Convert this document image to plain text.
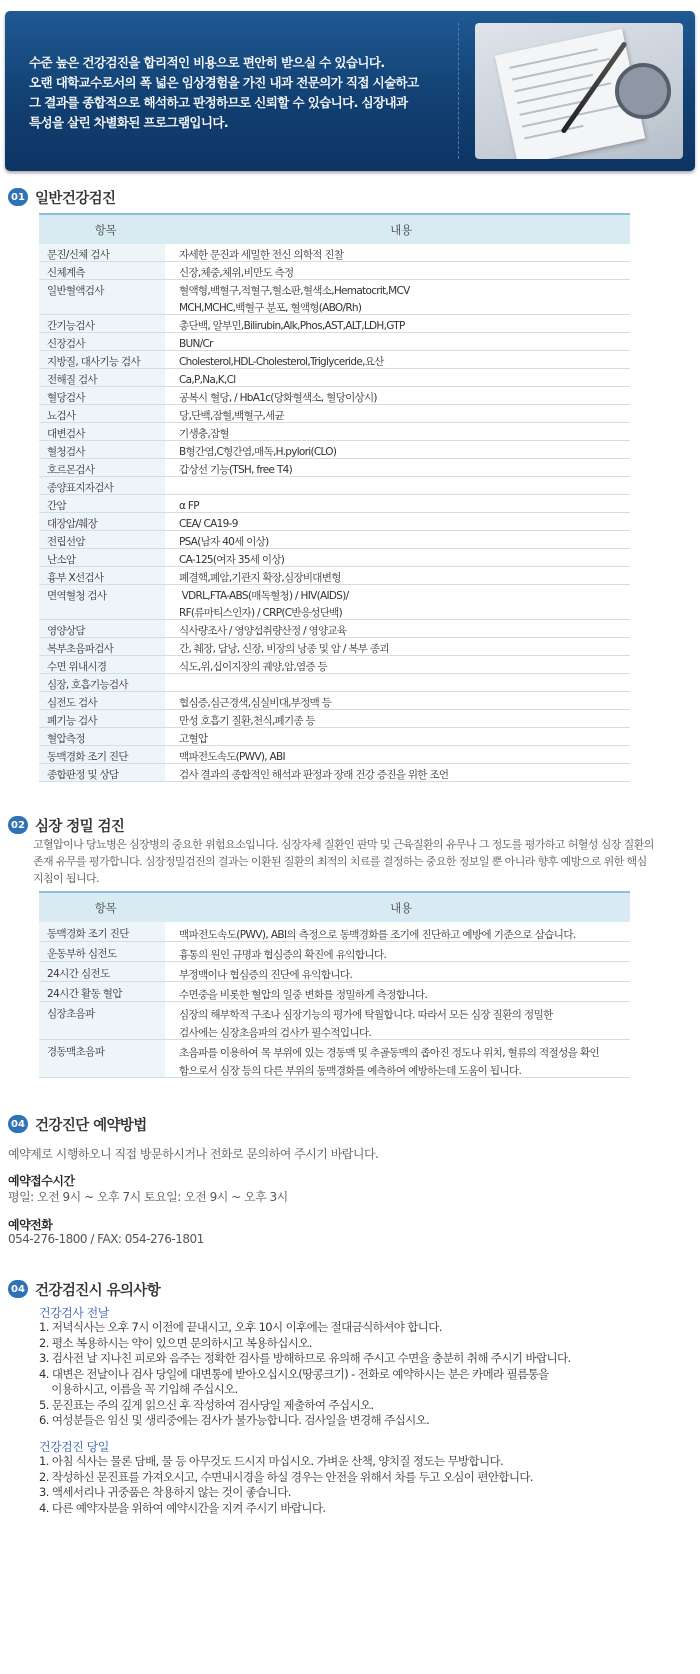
수준 높은 건강검진을 합리적인 비용으로 편안히 받으실 수 있습니다.
오랜 대학교수로서의 폭 넓은 임상경험을 가진 내과 전문의가 직접 시술하고
그 결과를 종합적으로 해석하고 판정하므로 신뢰할 수 있습니다. 심장내과
특성을 살린 차별화된 프로그램입니다.
01 일반건강검진
항목	내용
문진/신체 검사	자세한 문진과 세밀한 전신 의학적 진찰
신체계측	신장,체중,체위,비만도 측정
일반혈액검사	혈액형,백혈구,적혈구,혈소판,혈색소,Hematocrit,MCV
MCH,MCHC,백혈구 분포, 혈액형(ABO/Rh)
간기능검사	총단백, 알부민,Bilirubin,Alk,Phos,AST,ALT,LDH,GTP
신장검사	BUN/Cr
지방질, 대사기능 검사	Cholesterol,HDL-Cholesterol,Triglyceride,요산
전해질 검사	Ca,P,Na,K,Cl
혈당검사	공복시 혈당, / HbA1c(당화혈색소, 혈당이상시)
뇨검사	당,단백,잠혈,백혈구,세균
대변검사	기생충,잠혈
혈청검사	B형간염,C형간염,매독,H.pylori(CLO)
호르몬검사	갑상선 기능(TSH, free T4)
종양표지자검사
간암	α FP
대장암/췌장	CEA/ CA19-9
전립선암	PSA(남자 40세 이상)
난소암	CA-125(여자 35세 이상)
흉부 X선검사	폐결핵,폐암,기관지 확장,심장비대변형
면역혈청 검사	VDRL,FTA-ABS(매독혈청) / HIV(AIDS)/
RF(류마티스인자) / CRP(C반응성단백)
영양상담	식사량조사 / 영양섭취량산정 / 영양교육
복부초음파검사	간, 췌장, 담낭, 신장, 비장의 낭종 및 암 / 복부 종괴
수면 위내시경	식도,위,십이지장의 궤양,암,염증 등
심장, 호흡기능검사
심전도 검사	협심증,심근경색,심실비대,부정맥 등
폐기능 검사	만성 호흡기 질환,천식,폐기종 등
혈압측정	고혈압
동맥경화 조기 진단	맥파전도속도(PWV), ABI
종합판정 및 상담	검사 결과의 종합적인 해석과 판정과 장래 건강 증진을 위한 조언
02 심장 정밀 검진
고혈압이나 당뇨병은 심장병의 중요한 위험요소입니다. 심장자체 질환인 판막 및 근육질환의 유무나 그 정도를 평가하고 허혈성 심장 질환의
존재 유무를 평가합니다. 심장정밀검진의 결과는 이환된 질환의 최적의 치료를 결정하는 중요한 정보일 뿐 아니라 향후 예방으로 위한 핵심
지침이 됩니다.
항목	내용
동맥경화 조기 진단	맥파전도속도(PWV), ABI의 측정으로 동맥경화를 조기에 진단하고 예방에 기준으로 삼습니다.
운동부하 심전도	흉통의 원인 규명과 협심증의 확진에 유익합니다.
24시간 심전도	부정맥이나 협심증의 진단에 유익합니다.
24시간 활동 혈압	수면중을 비롯한 혈압의 일중 변화를 정밀하게 측정합니다.
심장초음파	심장의 해부학적 구조나 심장기능의 평가에 탁월합니다. 따라서 모든 심장 질환의 정밀한
검사에는 심장초음파의 검사가 필수적입니다.
경동맥초음파	초음파를 이용하여 목 부위에 있는 경동맥 및 추골동맥의 좁아진 정도나 위치, 혈류의 적절성을 확인
함으로서 심장 등의 다른 부위의 동맥경화를 예측하여 예방하는데 도움이 됩니다.
04 건강진단 예약방법
예약제로 시행하오니 직접 방문하시거나 전화로 문의하여 주시기 바랍니다.
예약접수시간
평일: 오전 9시 ~ 오후 7시 토요일: 오전 9시 ~ 오후 3시
예약전화
054-276-1800 / FAX: 054-276-1801
04 건강검진시 유의사항
건강검사 전날
1. 저녁식사는 오후 7시 이전에 끝내시고, 오후 10시 이후에는 절대금식하셔야 합니다.
2. 평소 복용하시는 약이 있으면 문의하시고 복용하십시오.
3. 검사전 날 지나친 피로와 음주는 정확한 검사를 방해하므로 유의해 주시고 수면을 충분히 취해 주시기 바랍니다.
4. 대변은 전날이나 검사 당일에 대변통에 받아오십시오(땅콩크기) - 전화로 예약하시는 분은 카메라 필름통을
이용하시고, 이름을 꼭 기입해 주십시오.
5. 문진표는 주의 깊게 읽으신 후 작성하여 검사당일 제출하여 주십시오.
6. 여성분들은 임신 및 생리중에는 검사가 불가능합니다. 검사일을 변경해 주십시오.
건강검진 당일
1. 아침 식사는 물론 담배, 물 등 아무것도 드시지 마십시오. 가벼운 산책, 양치질 정도는 무방합니다.
2. 작성하신 문진표를 가져오시고, 수면내시경을 하실 경우는 안전을 위해서 차를 두고 오심이 편안합니다.
3. 액세서리나 귀중품은 착용하지 않는 것이 좋습니다.
4. 다른 예약자분을 위하여 예약시간을 지켜 주시기 바랍니다.
